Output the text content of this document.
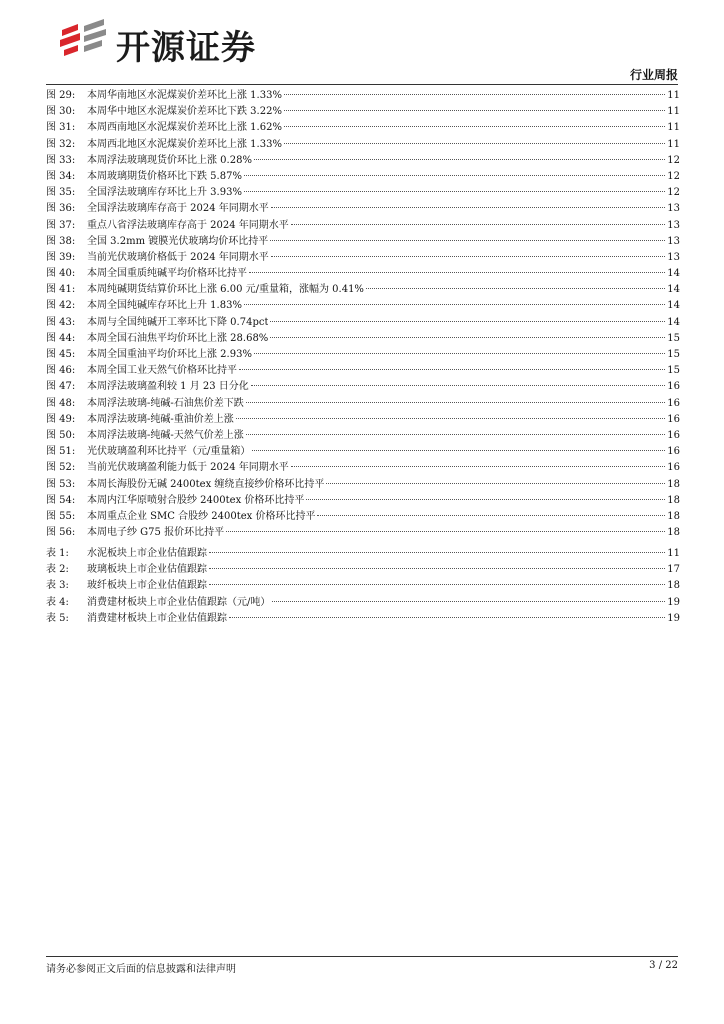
开源证券
行业周报
图 29:	本周华南地区水泥煤炭价差环比上涨 1.33%	11
图 30:	本周华中地区水泥煤炭价差环比下跌 3.22%	11
图 31:	本周西南地区水泥煤炭价差环比上涨 1.62%	11
图 32:	本周西北地区水泥煤炭价差环比上涨 1.33%	11
图 33:	本周浮法玻璃现货价环比上涨 0.28%	12
图 34:	本周玻璃期货价格环比下跌 5.87%	12
图 35:	全国浮法玻璃库存环比上升 3.93%	12
图 36:	全国浮法玻璃库存高于 2024 年同期水平	13
图 37:	重点八省浮法玻璃库存高于 2024 年同期水平	13
图 38:	全国 3.2mm 镀膜光伏玻璃均价环比持平	13
图 39:	当前光伏玻璃价格低于 2024 年同期水平	13
图 40:	本周全国重质纯碱平均价格环比持平	14
图 41:	本周纯碱期货结算价环比上涨 6.00 元/重量箱，涨幅为 0.41%	14
图 42:	本周全国纯碱库存环比上升 1.83%	14
图 43:	本周与全国纯碱开工率环比下降 0.74pct	14
图 44:	本周全国石油焦平均价环比上涨 28.68%	15
图 45:	本周全国重油平均价环比上涨 2.93%	15
图 46:	本周全国工业天然气价格环比持平	15
图 47:	本周浮法玻璃盈利较 1 月 23 日分化	16
图 48:	本周浮法玻璃-纯碱-石油焦价差下跌	16
图 49:	本周浮法玻璃-纯碱-重油价差上涨	16
图 50:	本周浮法玻璃-纯碱-天然气价差上涨	16
图 51:	光伏玻璃盈利环比持平（元/重量箱）	16
图 52:	当前光伏玻璃盈利能力低于 2024 年同期水平	16
图 53:	本周长海股份无碱 2400tex 缠绕直接纱价格环比持平	18
图 54:	本周内江华原喷射合股纱 2400tex 价格环比持平	18
图 55:	本周重点企业 SMC 合股纱 2400tex 价格环比持平	18
图 56:	本周电子纱 G75 报价环比持平	18
表 1:	水泥板块上市企业估值跟踪	11
表 2:	玻璃板块上市企业估值跟踪	17
表 3:	玻纤板块上市企业估值跟踪	18
表 4:	消费建材板块上市企业估值跟踪（元/吨）	19
表 5:	消费建材板块上市企业估值跟踪	19
请务必参阅正文后面的信息披露和法律声明	3 / 22
